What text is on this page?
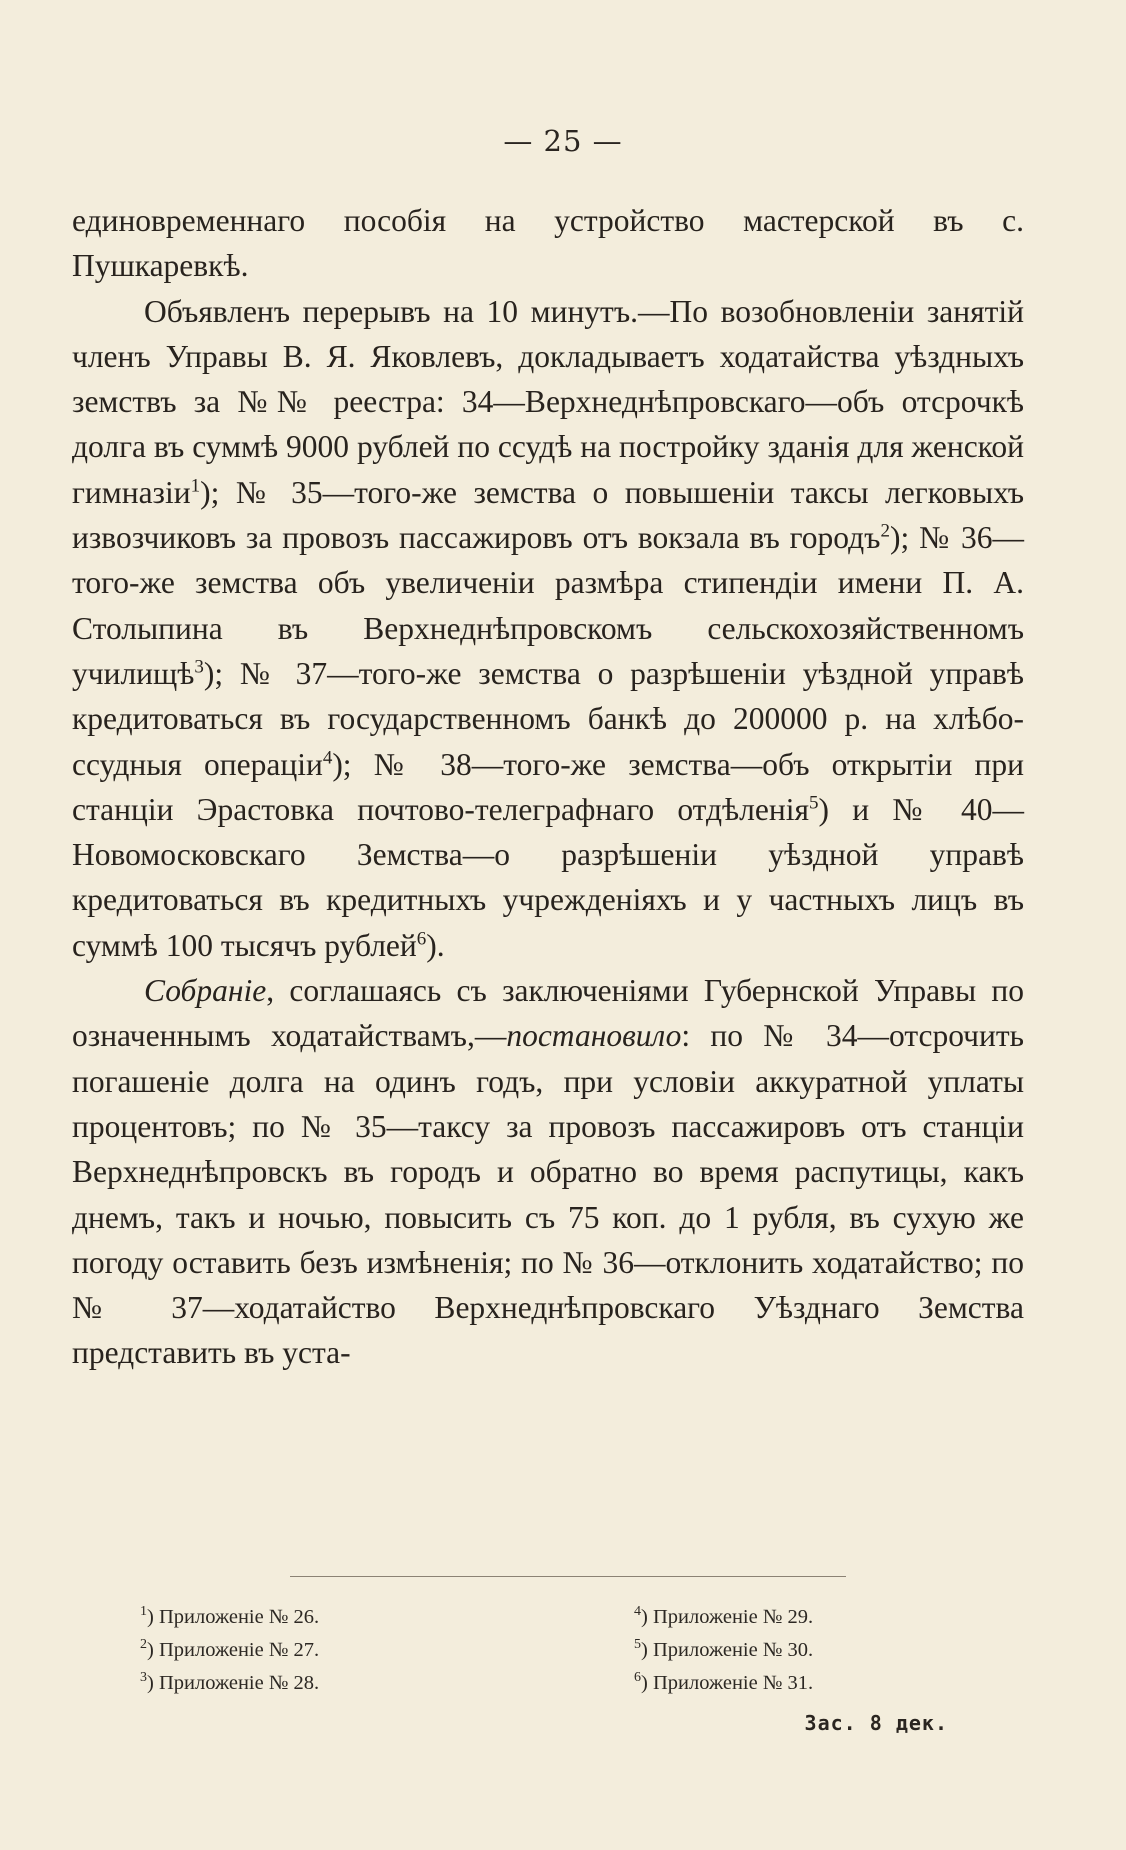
— 25 —

единовременнаго пособія на устройство мастерской въ с. Пушкаревкѣ.

Объявленъ перерывъ на 10 минутъ.—По возобновленіи занятій членъ Управы В. Я. Яковлевъ, докладываетъ ходатайства уѣздныхъ земствъ за №№ реестра: 34—Верхнеднѣпровскаго—объ отсрочкѣ долга въ суммѣ 9000 рублей по ссудѣ на постройку зданія для женской гимназіи$^1$); № 35—того-же земства о повышеніи таксы легковыхъ извозчиковъ за провозъ пассажировъ отъ вокзала въ городъ$^2$); № 36—того-же земства объ увеличеніи размѣра стипендіи имени П. А. Столыпина въ Верхнеднѣпровскомъ сельскохозяйственномъ училищѣ$^3$); № 37—того-же земства о разрѣшеніи уѣздной управѣ кредитоваться въ государственномъ банкѣ до 200000 р. на хлѣбо-ссудныя операціи$^4$); № 38—того-же земства—объ открытіи при станціи Эрастовка почтово-телеграфнаго отдѣленія$^5$) и № 40—Новомосковскаго Земства—о разрѣшеніи уѣздной управѣ кредитоваться въ кредитныхъ учрежденіяхъ и у частныхъ лицъ въ суммѣ 100 тысячъ рублей$^6$).

Собраніе, соглашаясь съ заключеніями Губернской Управы по означеннымъ ходатайствамъ,—постановило: по № 34—отсрочить погашеніе долга на одинъ годъ, при условіи аккуратной уплаты процентовъ; по № 35—таксу за провозъ пассажировъ отъ станціи Верхнеднѣпровскъ въ городъ и обратно во время распутицы, какъ днемъ, такъ и ночью, повысить съ 75 коп. до 1 рубля, въ сухую же погоду оставить безъ измѣненія; по № 36—отклонить ходатайство; по № 37—ходатайство Верхнеднѣпровскаго Уѣзднаго Земства представить въ уста-

$^1$) Приложеніе № 26.
$^2$) Приложеніе № 27.
$^3$) Приложеніе № 28.
$^4$) Приложеніе № 29.
$^5$) Приложеніе № 30.
$^6$) Приложеніе № 31.
Зас. 8 дек.
